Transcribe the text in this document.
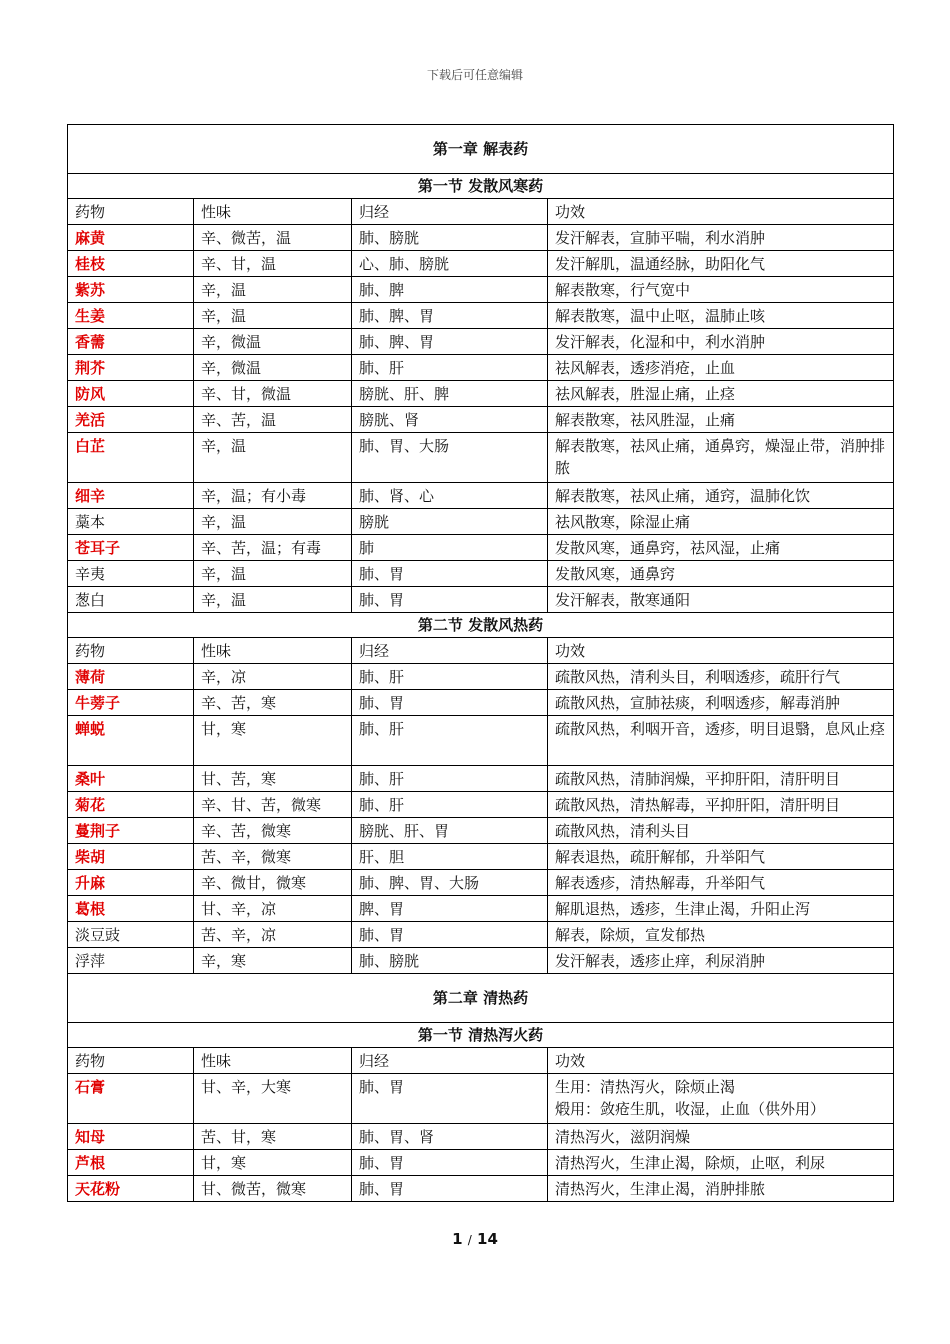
下载后可任意编辑
第一章 解表药			
第一节 发散风寒药			
药物	性味	归经	功效
麻黄	辛、微苦，温	肺、膀胱	发汗解表，宣肺平喘，利水消肿

桂枝	辛、甘，温	心、肺、膀胱	发汗解肌，温通经脉，助阳化气

紫苏	辛，温	肺、脾	解表散寒，行气宽中

生姜	辛，温	肺、脾、胃	解表散寒，温中止呕，温肺止咳

香薷	辛，微温	肺、脾、胃	发汗解表，化湿和中，利水消肿

荆芥	辛，微温	肺、肝	祛风解表，透疹消疮，止血

防风	辛、甘，微温	膀胱、肝、脾	祛风解表，胜湿止痛，止痉

羌活	辛、苦，温	膀胱、肾	解表散寒，祛风胜湿，止痛

白芷	辛，温	肺、胃、大肠	解表散寒，祛风止痛，通鼻窍，燥湿止带，消肿排脓

细辛	辛，温；有小毒	肺、肾、心	解表散寒，祛风止痛，通窍，温肺化饮

藁本	辛，温	膀胱	祛风散寒，除湿止痛

苍耳子	辛、苦，温；有毒	肺	发散风寒，通鼻窍，祛风湿，止痛

辛夷	辛，温	肺、胃	发散风寒，通鼻窍

葱白	辛，温	肺、胃	发汗解表，散寒通阳

第二节 发散风热药			
药物	性味	归经	功效
薄荷	辛，凉	肺、肝	疏散风热，清利头目，利咽透疹，疏肝行气

牛蒡子	辛、苦，寒	肺、胃	疏散风热，宣肺祛痰，利咽透疹，解毒消肿

蝉蜕	甘，寒	肺、肝	疏散风热，利咽开音，透疹，明目退翳，息风止痉

桑叶	甘、苦，寒	肺、肝	疏散风热，清肺润燥，平抑肝阳，清肝明目

菊花	辛、甘、苦，微寒	肺、肝	疏散风热，清热解毒，平抑肝阳，清肝明目

蔓荆子	辛、苦，微寒	膀胱、肝、胃	疏散风热，清利头目

柴胡	苦、辛，微寒	肝、胆	解表退热，疏肝解郁，升举阳气

升麻	辛、微甘，微寒	肺、脾、胃、大肠	解表透疹，清热解毒，升举阳气

葛根	甘、辛，凉	脾、胃	解肌退热，透疹，生津止渴，升阳止泻

淡豆豉	苦、辛，凉	肺、胃	解表，除烦，宣发郁热

浮萍	辛，寒	肺、膀胱	发汗解表，透疹止痒，利尿消肿

第二章 清热药			
第一节 清热泻火药			
药物	性味	归经	功效
石膏	甘、辛，大寒	肺、胃	生用：清热泻火，除烦止渴
煅用：敛疮生肌，收湿，止血（供外用）

知母	苦、甘，寒	肺、胃、肾	清热泻火，滋阴润燥

芦根	甘，寒	肺、胃	清热泻火，生津止渴，除烦，止呕，利尿

天花粉	甘、微苦，微寒	肺、胃	清热泻火，生津止渴，消肿排脓
1 / 14
